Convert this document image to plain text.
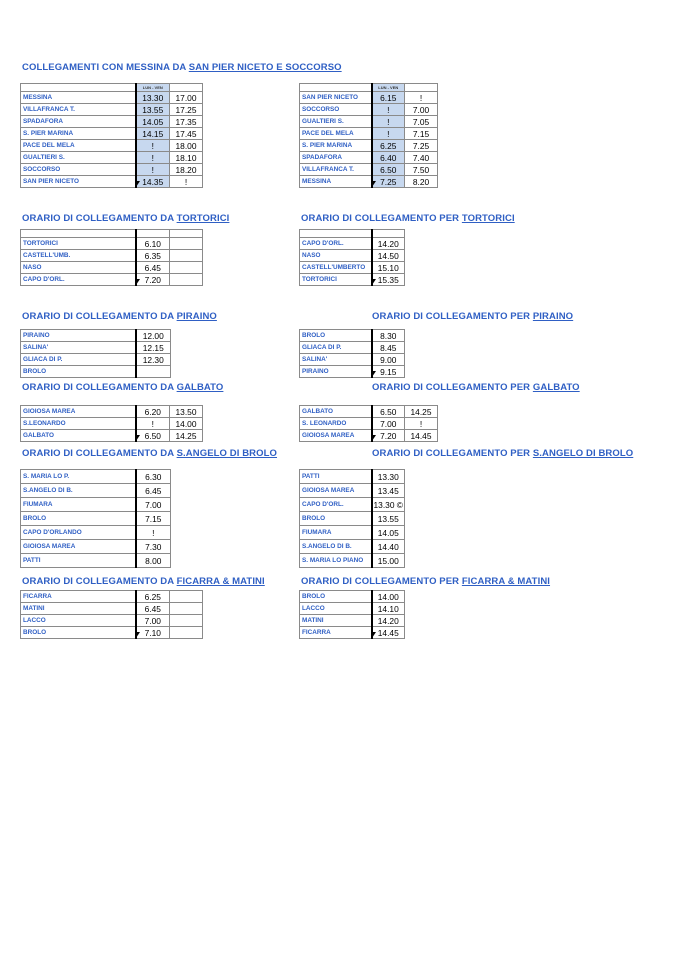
COLLEGAMENTI CON MESSINA DA SAN PIER NICETO E SOCCORSO
	LUN - VEN	
MESSINA	13.30	17.00
VILLAFRANCA T.	13.55	17.25
SPADAFORA	14.05	17.35
S. PIER MARINA	14.15	17.45
PACE DEL MELA	!	18.00
GUALTIERI S.	!	18.10
SOCCORSO	!	18.20
SAN PIER NICETO	14.35	!
	LUN - VEN	
SAN PIER NICETO	6.15	!
SOCCORSO	!	7.00
GUALTIERI S.	!	7.05
PACE DEL MELA	!	7.15
S. PIER MARINA	6.25	7.25
SPADAFORA	6.40	7.40
VILLAFRANCA T.	6.50	7.50
MESSINA	7.25	8.20
ORARIO DI COLLEGAMENTO DA TORTORICI	ORARIO DI COLLEGAMENTO PER TORTORICI

TORTORICI	6.10	
CASTELL'UMB.	6.35	
NASO	6.45	
CAPO D'ORL.	7.20	

CAPO D'ORL.	14.20
NASO	14.50
CASTELL'UMBERTO	15.10
TORTORICI	15.35
ORARIO DI COLLEGAMENTO DA PIRAINO	ORARIO DI COLLEGAMENTO PER PIRAINO
PIRAINO	12.00
SALINA'	12.15
GLIACA DI P.	12.30
BROLO	
BROLO	8.30
GLIACA DI P.	8.45
SALINA'	9.00
PIRAINO	9.15
ORARIO DI COLLEGAMENTO DA GALBATO	ORARIO DI COLLEGAMENTO PER GALBATO
GIOIOSA MAREA	6.20	13.50
S.LEONARDO	!	14.00
GALBATO	6.50	14.25
GALBATO	6.50	14.25
S. LEONARDO	7.00	!
GIOIOSA MAREA	7.20	14.45
ORARIO DI COLLEGAMENTO DA S.ANGELO DI BROLO	ORARIO DI COLLEGAMENTO PER S.ANGELO DI BROLO
S. MARIA LO P.	6.30
S.ANGELO DI B.	6.45
FIUMARA	7.00
BROLO	7.15
CAPO D'ORLANDO	!
GIOIOSA MAREA	7.30
PATTI	8.00
PATTI	13.30
GIOIOSA MAREA	13.45
CAPO D'ORL.	13.30 ©
BROLO	13.55
FIUMARA	14.05
S.ANGELO DI B.	14.40
S. MARIA LO PIANO	15.00
ORARIO DI COLLEGAMENTO DA FICARRA & MATINI	ORARIO DI COLLEGAMENTO PER FICARRA & MATINI
FICARRA	6.25	
MATINI	6.45	
LACCO	7.00	
BROLO	7.10	
BROLO	14.00
LACCO	14.10
MATINI	14.20
FICARRA	14.45
